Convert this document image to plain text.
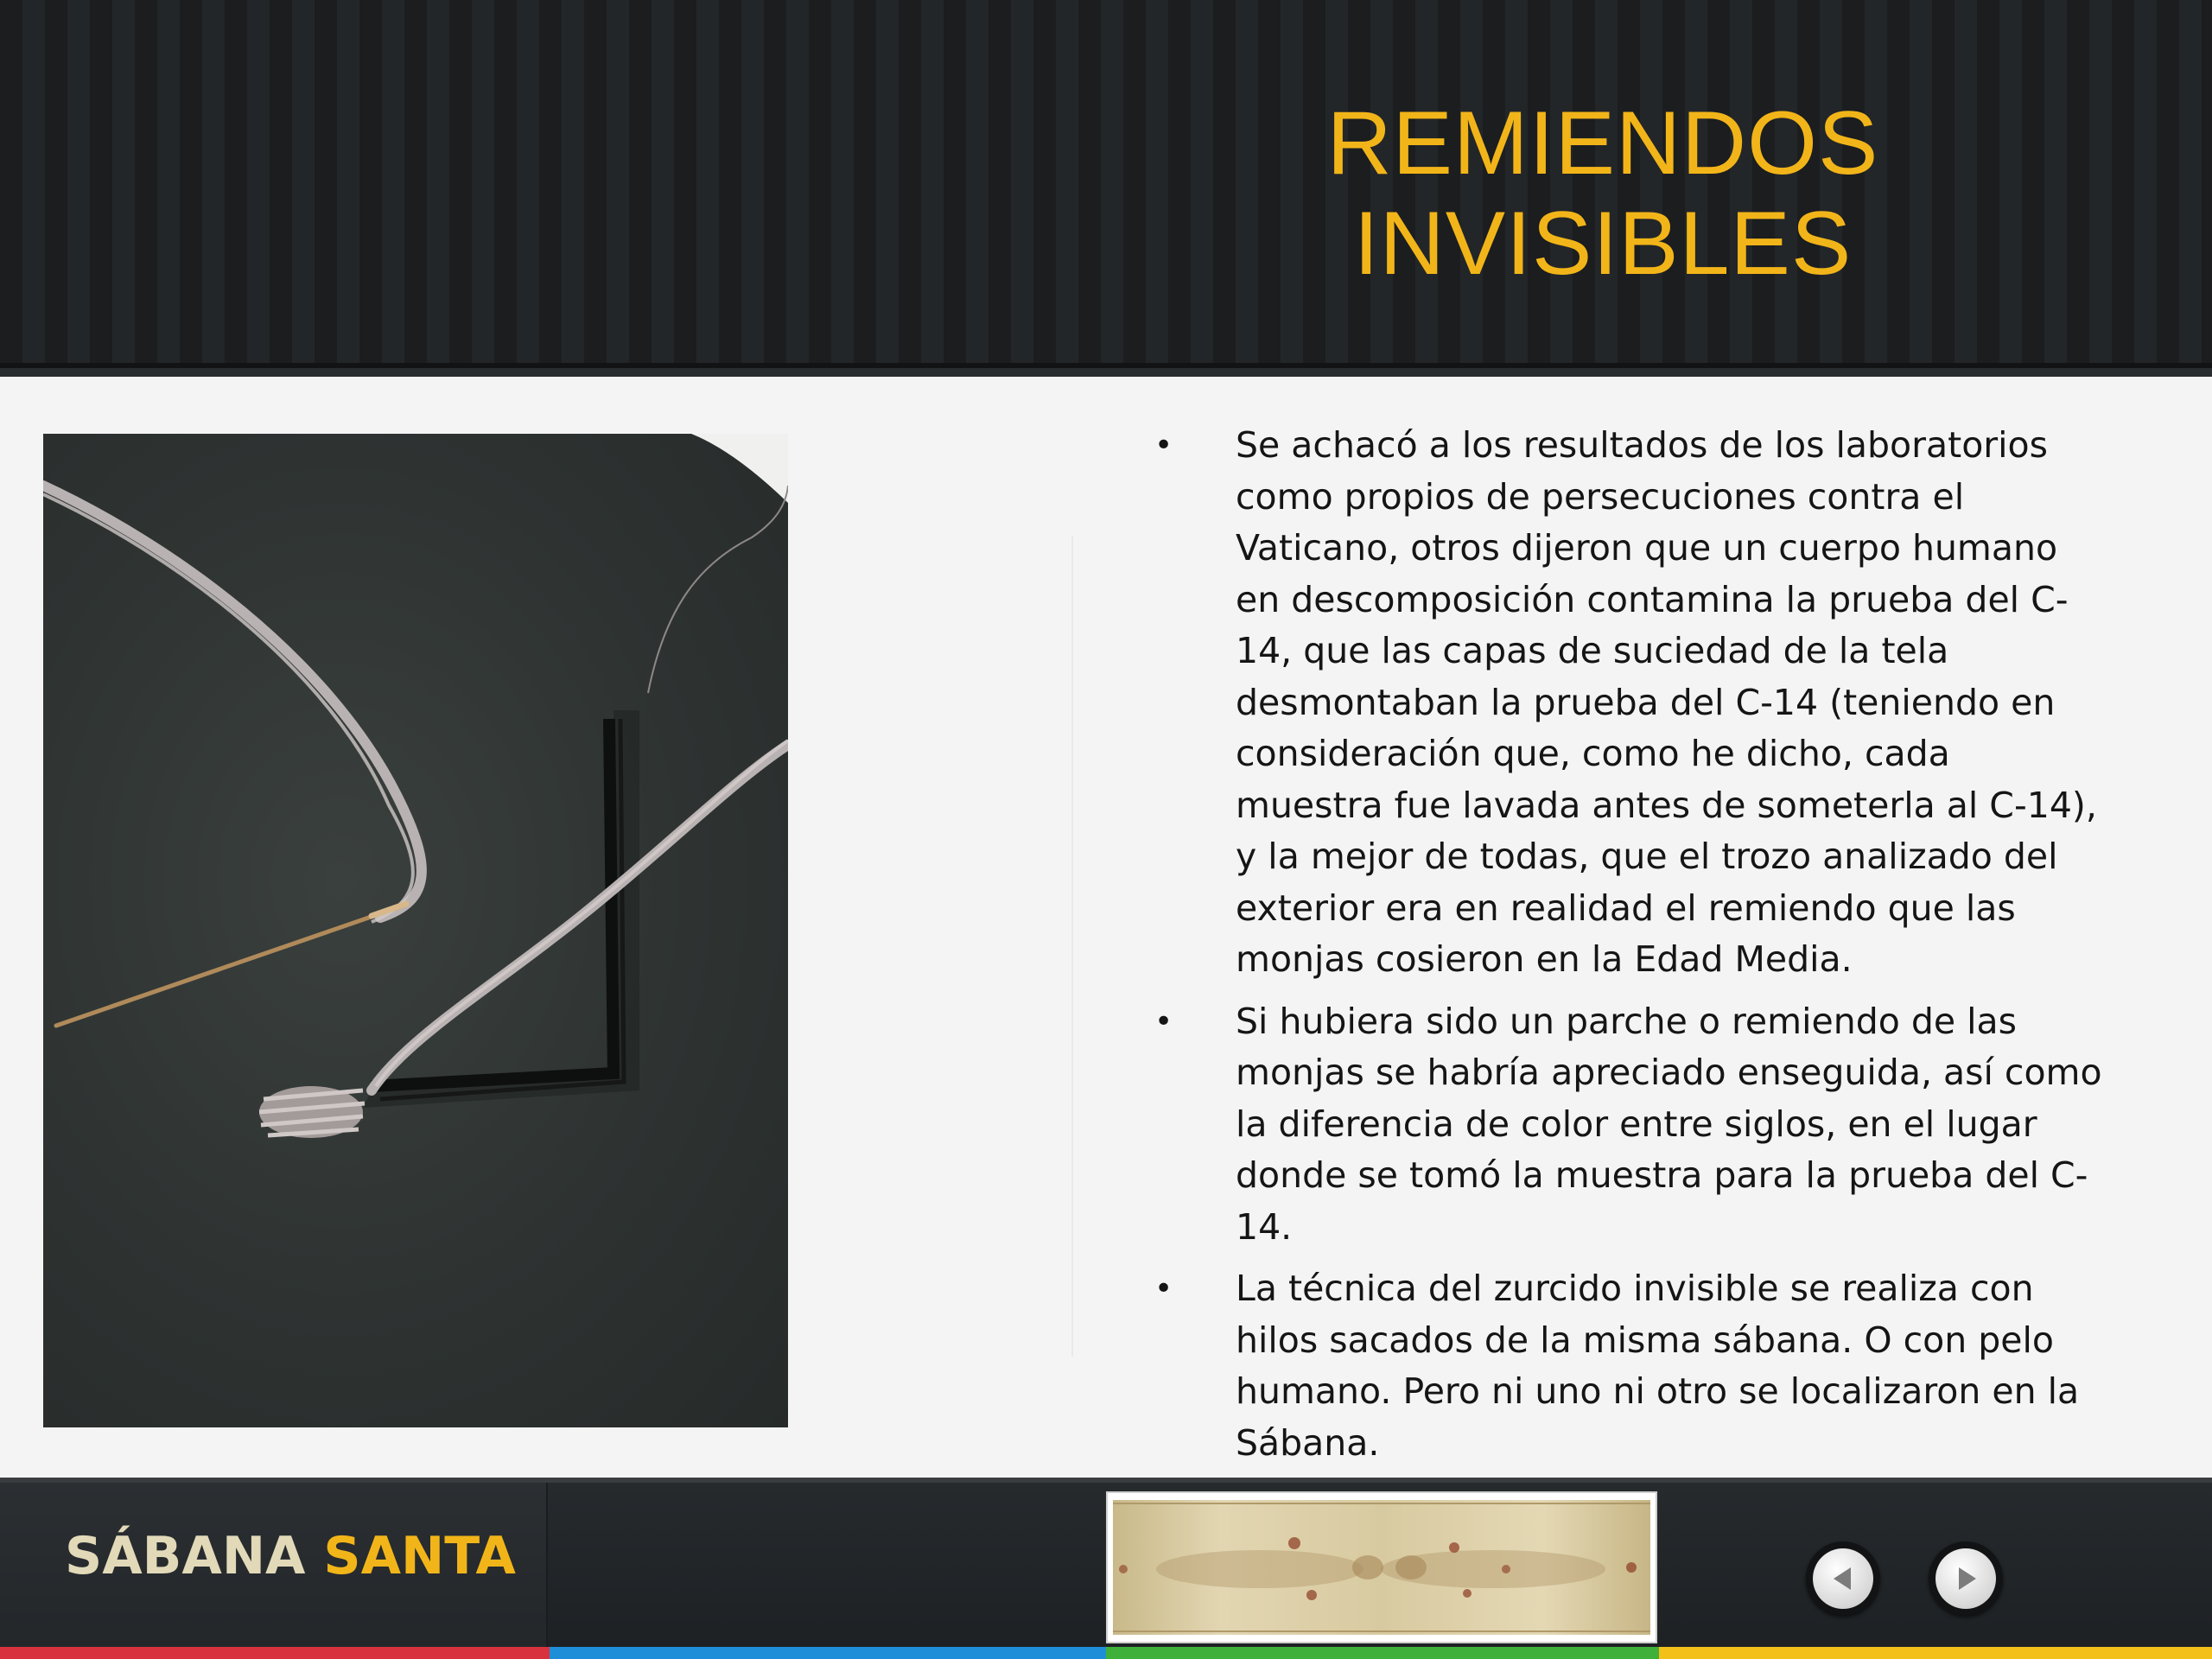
REMIENDOS
INVISIBLES
• Se achacó a los resultados de los laboratorios como propios de persecuciones contra el Vaticano, otros dijeron que un cuerpo humano en descomposición contamina la prueba del C-14, que las capas de suciedad de la tela desmontaban la prueba del C-14 (teniendo en consideración que, como he dicho, cada muestra fue lavada antes de someterla al C-14), y la mejor de todas, que el trozo analizado del exterior era en realidad el remiendo que las monjas cosieron en la Edad Media.
• Si hubiera sido un parche o remiendo de las monjas se habría apreciado enseguida, así como la diferencia de color entre siglos, en el lugar donde se tomó la muestra para la prueba del C-14.
• La técnica del zurcido invisible se realiza con hilos sacados de la misma sábana. O con pelo humano. Pero ni uno ni otro se localizaron en la Sábana.
SÁBANA SANTA
